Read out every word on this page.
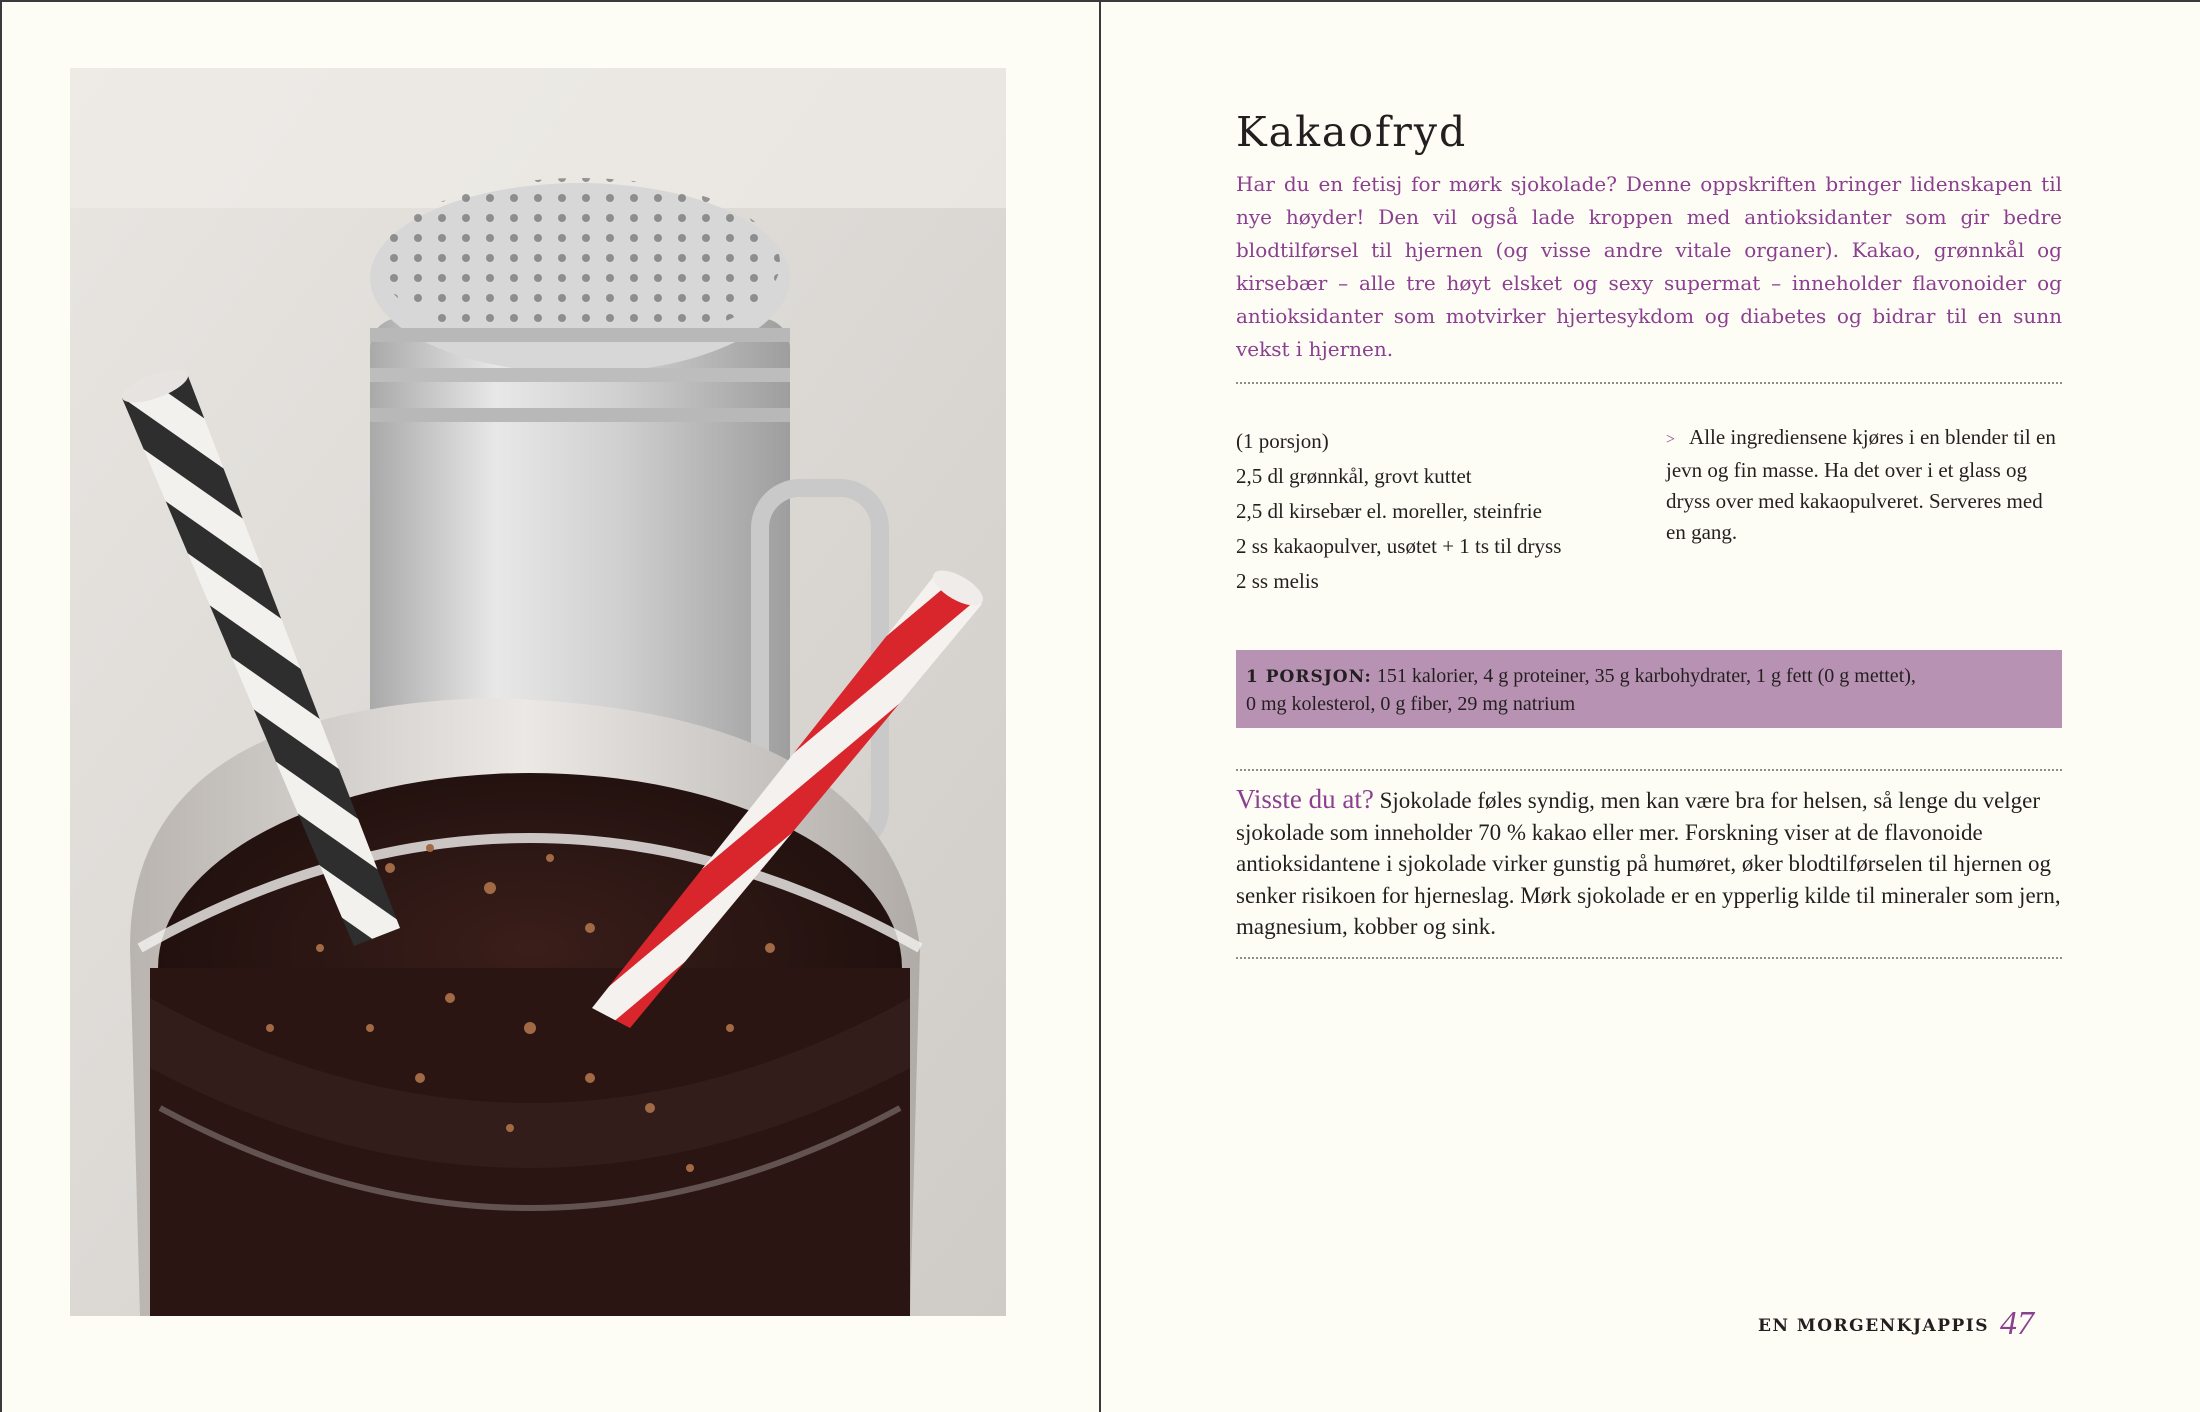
Kakaofryd
Har du en fetisj for mørk sjokolade? Denne oppskriften bringer lidenskapen til nye høyder! Den vil også lade kroppen med antioksidanter som gir bedre blodtilførsel til hjernen (og visse andre vitale organer). Kakao, grønnkål og kirsebær – alle tre høyt elsket og sexy supermat – inneholder flavonoider og antioksidanter som motvirker hjertesykdom og diabetes og bidrar til en sunn vekst i hjernen.
(1 porsjon)
2,5 dl grønnkål, grovt kuttet
2,5 dl kirsebær el. moreller, steinfrie
2 ss kakaopulver, usøtet + 1 ts til dryss
2 ss melis
> Alle ingrediensene kjøres i en blender til en jevn og fin masse. Ha det over i et glass og dryss over med kakaopulveret. Serveres med en gang.
1 PORSJON: 151 kalorier, 4 g proteiner, 35 g karbohydrater, 1 g fett (0 g mettet),
0 mg kolesterol, 0 g fiber, 29 mg natrium
Visste du at? Sjokolade føles syndig, men kan være bra for helsen, så lenge du velger sjokolade som inneholder 70 % kakao eller mer. Forskning viser at de flavonoide antioksidantene i sjokolade virker gunstig på humøret, øker blodtilførselen til hjernen og senker risikoen for hjerneslag. Mørk sjokolade er en ypperlig kilde til mineraler som jern, magnesium, kobber og sink.
EN MORGENKJAPPIS 47
